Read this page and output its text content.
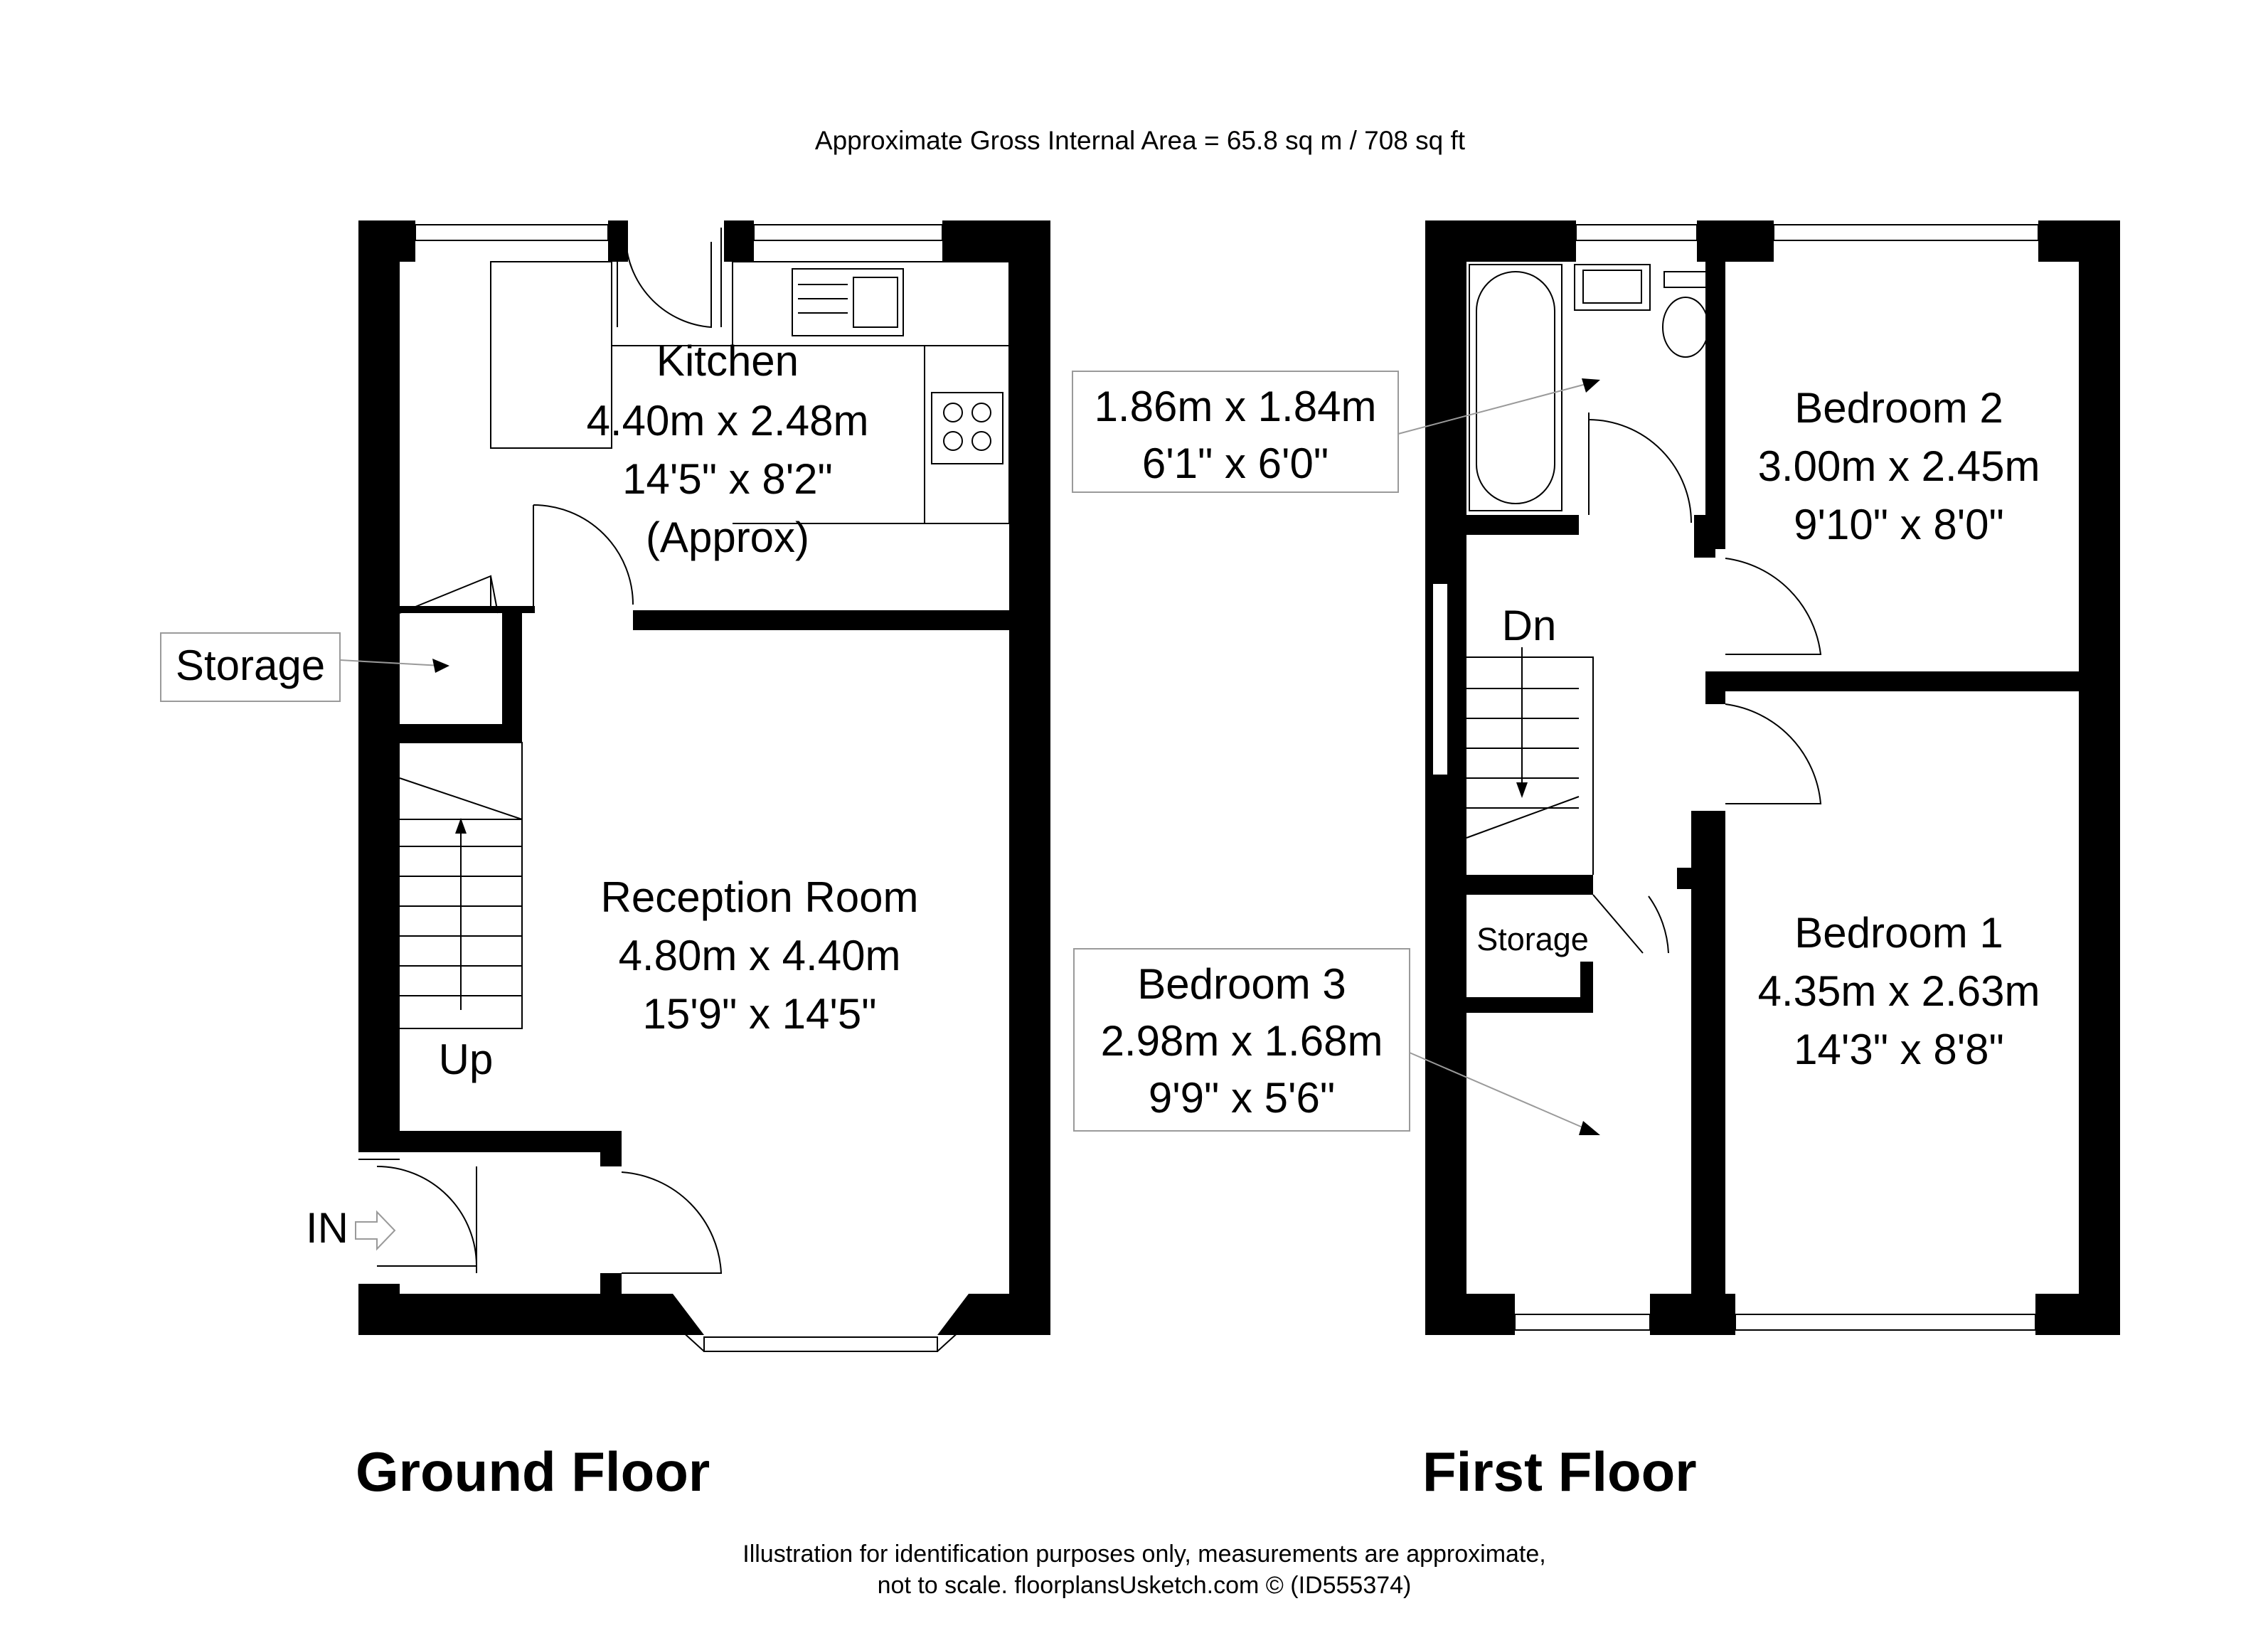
Approximate Gross Internal Area = 65.8 sq m / 708 sq ft
Up
IN
Kitchen
4.40m x 2.48m
14'5" x 8'2"
(Approx)
Storage
Reception Room
4.80m x 4.40m
15'9" x 14'5"
Ground Floor
Dn
Storage
1.86m x 1.84m
6'1" x 6'0"
Bedroom 2
3.00m x 2.45m
9'10" x 8'0"
Bedroom 3
2.98m x 1.68m
9'9" x 5'6"
Bedroom 1
4.35m x 2.63m
14'3" x 8'8"
First Floor
Illustration for identification purposes only, measurements are approximate,
not to scale. floorplansUsketch.com © (ID555374)
